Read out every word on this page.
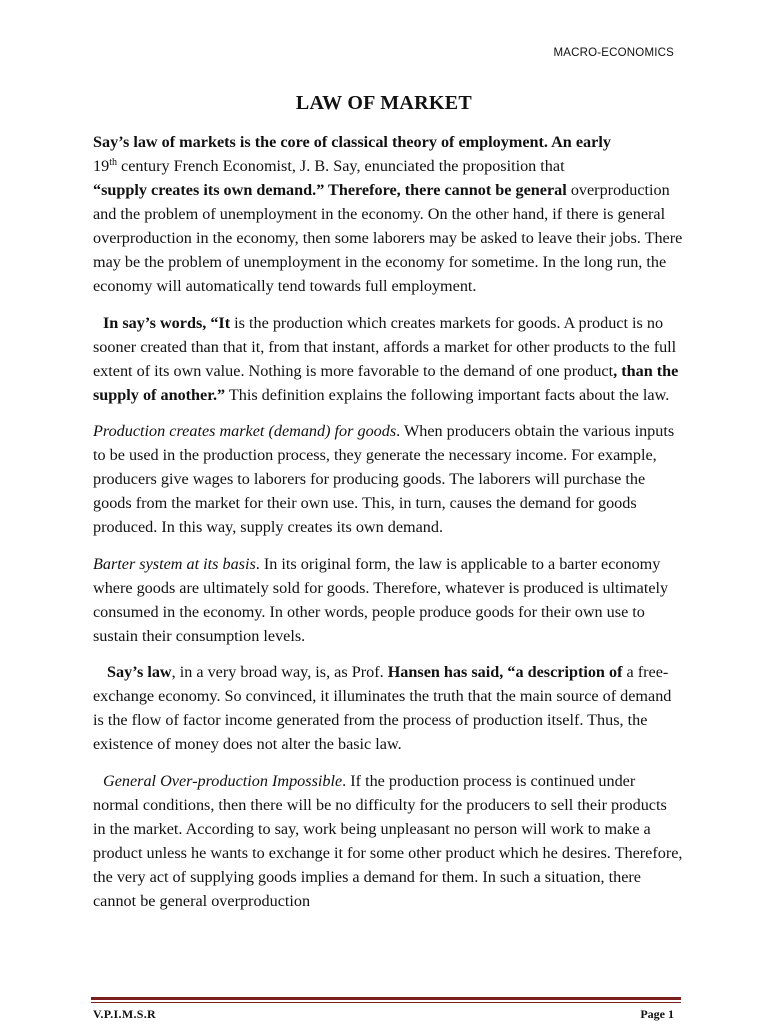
MACRO-ECONOMICS
LAW OF MARKET

Say’s law of markets is the core of classical theory of employment. An early
19th century French Economist, J. B. Say, enunciated the proposition that
“supply creates its own demand.” Therefore, there cannot be general overproduction and the problem of unemployment in the economy. On the other hand, if there is general overproduction in the economy, then some laborers may be asked to leave their jobs. There may be the problem of unemployment in the economy for sometime. In the long run, the economy will automatically tend towards full employment.

In say’s words, “It is the production which creates markets for goods. A product is no sooner created than that it, from that instant, affords a market for other products to the full extent of its own value. Nothing is more favorable to the demand of one product, than the supply of another.” This definition explains the following important facts about the law.

Production creates market (demand) for goods. When producers obtain the various inputs to be used in the production process, they generate the necessary income. For example, producers give wages to laborers for producing goods. The laborers will purchase the goods from the market for their own use. This, in turn, causes the demand for goods produced. In this way, supply creates its own demand.

Barter system at its basis. In its original form, the law is applicable to a barter economy where goods are ultimately sold for goods. Therefore, whatever is produced is ultimately consumed in the economy. In other words, people produce goods for their own use to sustain their consumption levels.

Say’s law, in a very broad way, is, as Prof. Hansen has said, “a description of a free-exchange economy. So convinced, it illuminates the truth that the main source of demand is the flow of factor income generated from the process of production itself. Thus, the existence of money does not alter the basic law.

General Over-production Impossible. If the production process is continued under normal conditions, then there will be no difficulty for the producers to sell their products in the market. According to say, work being unpleasant no person will work to make a product unless he wants to exchange it for some other product which he desires. Therefore, the very act of supplying goods implies a demand for them. In such a situation, there cannot be general overproduction

V.P.I.M.S.R	Page 1
